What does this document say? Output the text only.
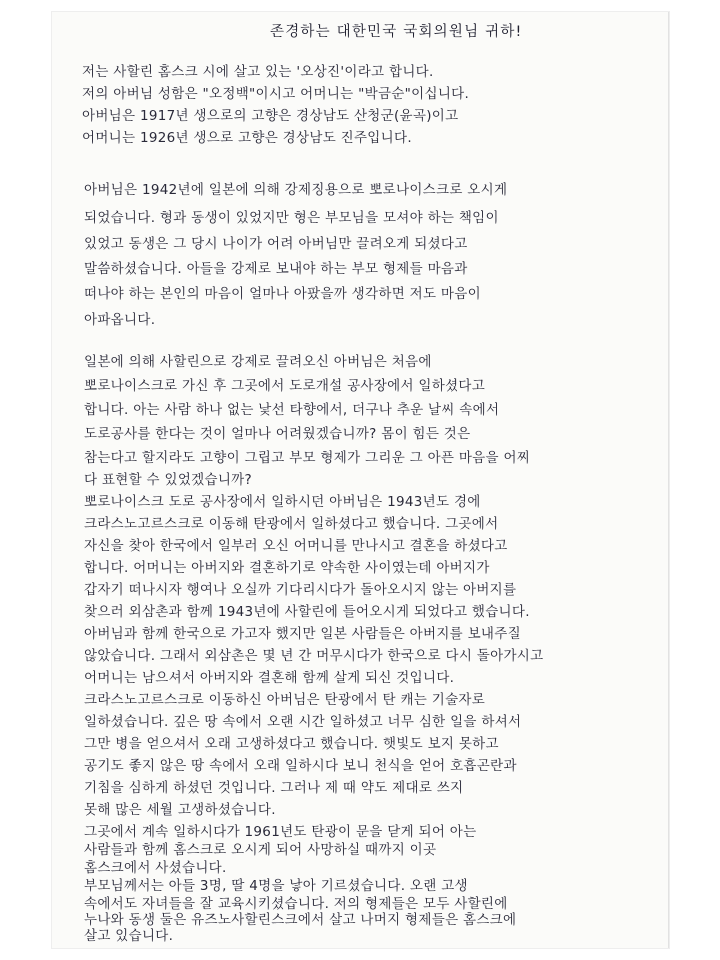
존경하는 대한민국 국회의원님 귀하!
저는 사할린 홈스크 시에 살고 있는 '오상진'이라고 합니다.
저의 아버님 성함은 "오정백"이시고 어머니는 "박금순"이십니다.
아버님은 1917년 생으로의 고향은 경상남도 산청군(윤곡)이고
어머니는 1926년 생으로 고향은 경상남도 진주입니다.
아버님은 1942년에 일본에 의해 강제징용으로 뽀로나이스크로 오시게
되었습니다. 형과 동생이 있었지만 형은 부모님을 모셔야 하는 책임이
있었고 동생은 그 당시 나이가 어려 아버님만 끌려오게 되셨다고
말씀하셨습니다. 아들을 강제로 보내야 하는 부모 형제들 마음과
떠나야 하는 본인의 마음이 얼마나 아팠을까 생각하면 저도 마음이
아파옵니다.
일본에 의해 사할린으로 강제로 끌려오신 아버님은 처음에
뽀로나이스크로 가신 후 그곳에서 도로개설 공사장에서 일하셨다고
합니다. 아는 사람 하나 없는 낯선 타향에서, 더구나 추운 날씨 속에서
도로공사를 한다는 것이 얼마나 어려웠겠습니까? 몸이 힘든 것은
참는다고 할지라도 고향이 그립고 부모 형제가 그리운 그 아픈 마음을 어찌
다 표현할 수 있었겠습니까?
뽀로나이스크 도로 공사장에서 일하시던 아버님은 1943년도 경에
크라스노고르스크로 이동해 탄광에서 일하셨다고 했습니다. 그곳에서
자신을 찾아 한국에서 일부러 오신 어머니를 만나시고 결혼을 하셨다고
합니다. 어머니는 아버지와 결혼하기로 약속한 사이였는데 아버지가
갑자기 떠나시자 행여나 오실까 기다리시다가 돌아오시지 않는 아버지를
찾으러 외삼촌과 함께 1943년에 사할린에 들어오시게 되었다고 했습니다.
아버님과 함께 한국으로 가고자 했지만 일본 사람들은 아버지를 보내주질
않았습니다. 그래서 외삼촌은 몇 년 간 머무시다가 한국으로 다시 돌아가시고
어머니는 남으셔서 아버지와 결혼해 함께 살게 되신 것입니다.
크라스노고르스크로 이동하신 아버님은 탄광에서 탄 캐는 기술자로
일하셨습니다. 깊은 땅 속에서 오랜 시간 일하셨고 너무 심한 일을 하셔서
그만 병을 얻으셔서 오래 고생하셨다고 했습니다. 햇빛도 보지 못하고
공기도 좋지 않은 땅 속에서 오래 일하시다 보니 천식을 얻어 호흡곤란과
기침을 심하게 하셨던 것입니다. 그러나 제 때 약도 제대로 쓰지
못해 많은 세월 고생하셨습니다.
그곳에서 계속 일하시다가 1961년도 탄광이 문을 닫게 되어 아는
사람들과 함께 홈스크로 오시게 되어 사망하실 때까지 이곳
홈스크에서 사셨습니다.
부모님께서는 아들 3명, 딸 4명을 낳아 기르셨습니다. 오랜 고생
속에서도 자녀들을 잘 교육시키셨습니다. 저의 형제들은 모두 사할린에
누나와 동생 둘은 유즈노사할린스크에서 살고 나머지 형제들은 홈스크에
살고 있습니다.
